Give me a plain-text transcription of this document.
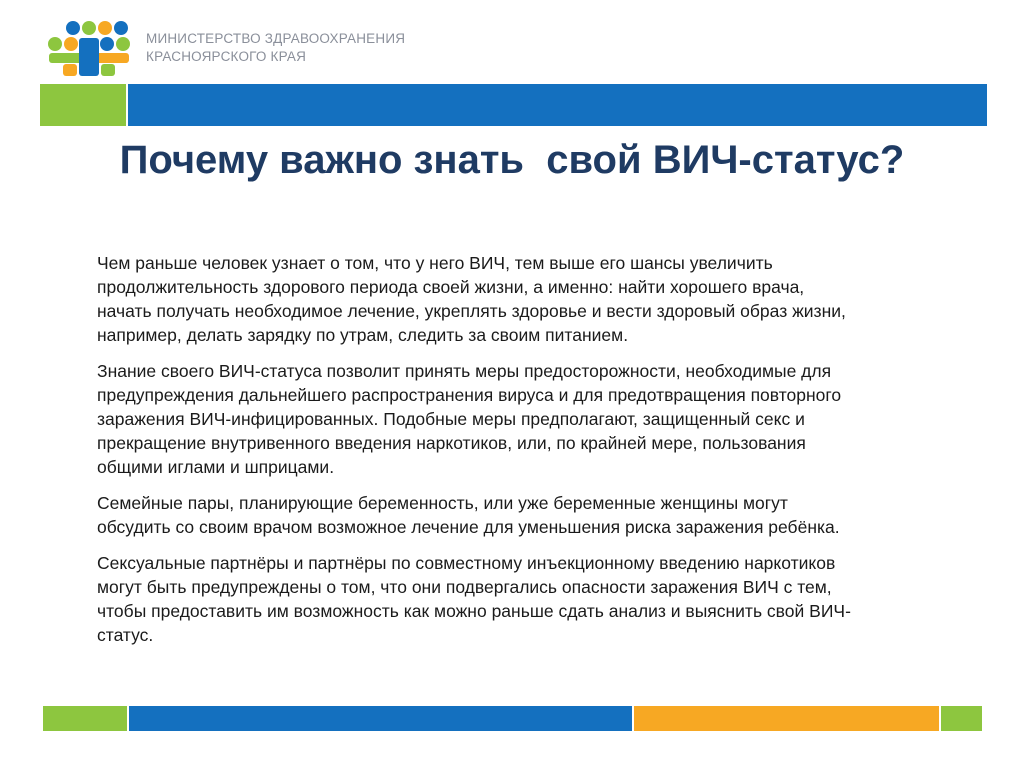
МИНИСТЕРСТВО ЗДРАВООХРАНЕНИЯ
КРАСНОЯРСКОГО КРАЯ
Почему важно знать  свой ВИЧ-статус?

Чем раньше человек узнает о том, что у него ВИЧ, тем выше его шансы увеличить
продолжительность здорового периода своей жизни, а именно: найти хорошего врача,
начать получать необходимое лечение, укреплять здоровье и вести здоровый образ жизни,
например, делать зарядку по утрам, следить за своим питанием.

Знание своего ВИЧ-статуса позволит принять меры предосторожности, необходимые для
предупреждения дальнейшего распространения вируса и для предотвращения повторного
заражения ВИЧ-инфицированных. Подобные меры предполагают, защищенный секс и
прекращение внутривенного введения наркотиков, или, по крайней мере, пользования
общими иглами и шприцами.

Семейные пары, планирующие беременность, или уже беременные женщины могут
обсудить со своим врачом возможное лечение для уменьшения риска заражения ребёнка.

Сексуальные партнёры и партнёры по совместному инъекционному введению наркотиков
могут быть предупреждены о том, что они подвергались опасности заражения ВИЧ с тем,
чтобы предоставить им возможность как можно раньше сдать анализ и выяснить свой ВИЧ-
статус.
